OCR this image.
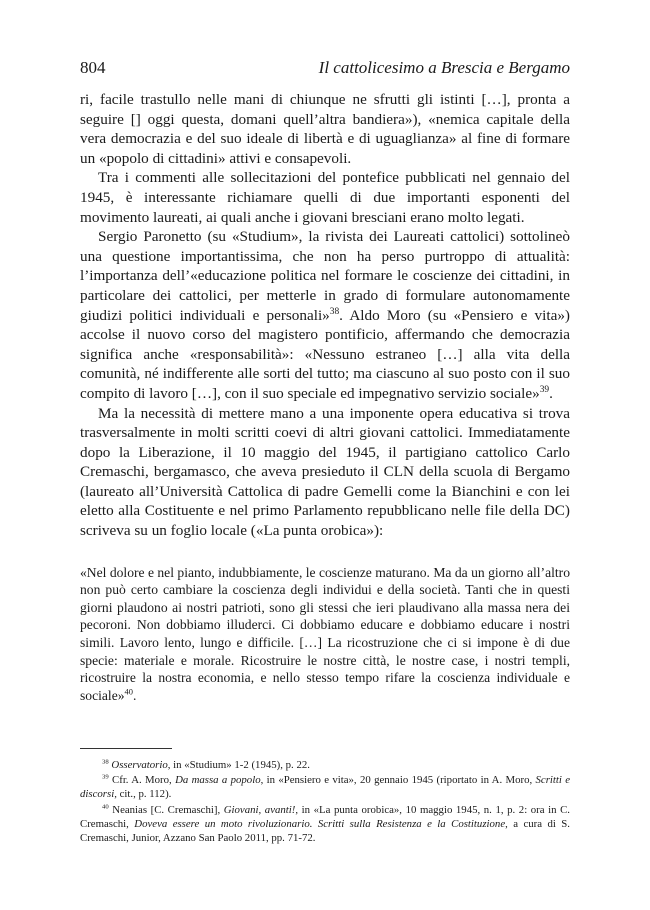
804	Il cattolicesimo a Brescia e Bergamo

ri, facile trastullo nelle mani di chiunque ne sfrutti gli istinti […], pronta a seguire [] oggi questa, domani quell’altra bandiera»), «nemica capitale della vera democrazia e del suo ideale di libertà e di uguaglianza» al fine di formare un «popolo di cittadini» attivi e consapevoli.

Tra i commenti alle sollecitazioni del pontefice pubblicati nel gennaio del 1945, è interessante richiamare quelli di due importanti esponenti del movimento laureati, ai quali anche i giovani bresciani erano molto legati.

Sergio Paronetto (su «Studium», la rivista dei Laureati cattolici) sottolineò una questione importantissima, che non ha perso purtroppo di attualità: l’importanza dell’«educazione politica nel formare le coscienze dei cittadini, in particolare dei cattolici, per metterle in grado di formulare autonomamente giudizi politici individuali e personali»$^{38}$. Aldo Moro (su «Pensiero e vita») accolse il nuovo corso del magistero pontificio, affermando che democrazia significa anche «responsabilità»: «Nessuno estraneo […] alla vita della comunità, né indifferente alle sorti del tutto; ma ciascuno al suo posto con il suo compito di lavoro […], con il suo speciale ed impegnativo servizio sociale»$^{39}$.

Ma la necessità di mettere mano a una imponente opera educativa si trova trasversalmente in molti scritti coevi di altri giovani cattolici. Immediatamente dopo la Liberazione, il 10 maggio del 1945, il partigiano cattolico Carlo Cremaschi, bergamasco, che aveva presieduto il CLN della scuola di Bergamo (laureato all’Università Cattolica di padre Gemelli come la Bianchini e con lei eletto alla Costituente e nel primo Parlamento repubblicano nelle file della DC) scriveva su un foglio locale («La punta orobica»):

«Nel dolore e nel pianto, indubbiamente, le coscienze maturano. Ma da un giorno all’altro non può certo cambiare la coscienza degli individui e della società. Tanti che in questi giorni plaudono ai nostri patrioti, sono gli stessi che ieri plaudivano alla massa nera dei pecoroni. Non dobbiamo illuderci. Ci dobbiamo educare e dobbiamo educare i nostri simili. Lavoro lento, lungo e difficile. […] La ricostruzione che ci si impone è di due specie: materiale e morale. Ricostruire le nostre città, le nostre case, i nostri templi, ricostruire la nostra economia, e nello stesso tempo rifare la coscienza individuale e sociale»$^{40}$.

$^{38}$ Osservatorio, in «Studium» 1-2 (1945), p. 22.

$^{39}$ Cfr. A. Moro, Da massa a popolo, in «Pensiero e vita», 20 gennaio 1945 (riportato in A. Moro, Scritti e discorsi, cit., p. 112).

$^{40}$ Neanias [C. Cremaschi], Giovani, avanti!, in «La punta orobica», 10 maggio 1945, n. 1, p. 2: ora in C. Cremaschi, Doveva essere un moto rivoluzionario. Scritti sulla Resistenza e la Costituzione, a cura di S. Cremaschi, Junior, Azzano San Paolo 2011, pp. 71-72.
